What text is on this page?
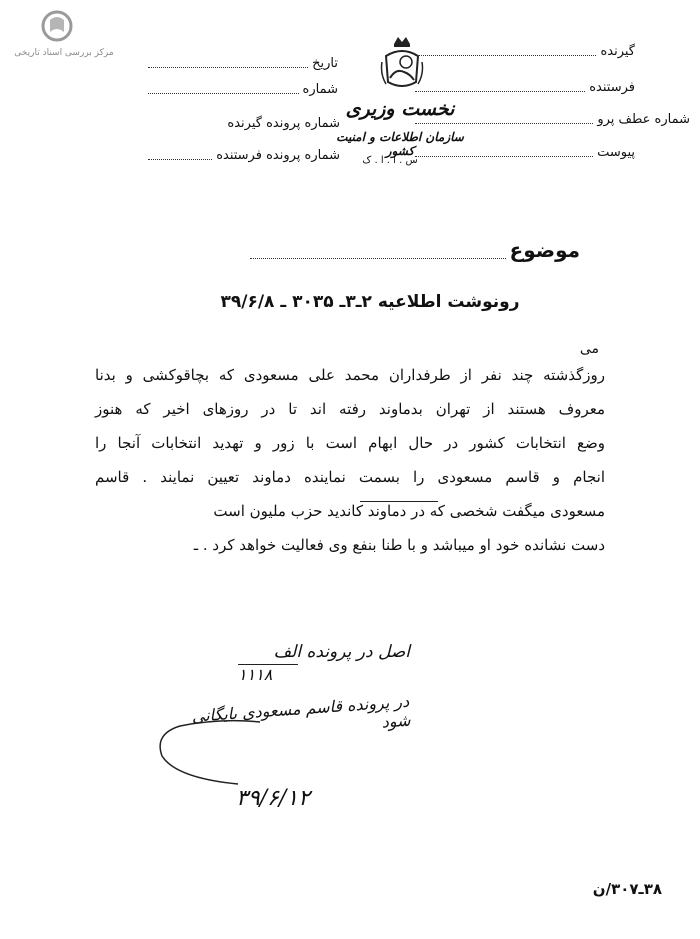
مرکز بررسی اسناد تاریخی
تاریخ
شماره
شماره پرونده گیرنده
شماره پرونده فرستنده
نخست وزیری
سازمان اطلاعات و امنیت کشور
س . ا . ا . ک
گیرنده
فرستنده
شماره عطف پرو
پیوست
موضوع
رونوشت اطلاعیه ۲ـ۳ـ ۳۰۳۵ ـ ۳۹/۶/۸
می
روزگذشته چند نفر از طرفداران محمد علی مسعودی که بچاقوکشی و بدنا
معروف هستند از تهران بدماوند رفته اند تا در روزهای اخیر که هنوز
وضع انتخابات کشور در حال ابهام است با زور و تهدید انتخابات آنجا را
انجام و قاسم مسعودی را بسمت نماینده دماوند تعیین نمایند . قاسم
مسعودی میگفت شخصی که در دماوند کاندید حزب ملیون است
دست نشانده خود او میباشد و با طنا بنفع وی فعالیت خواهد کرد . ـ
اصل در پرونده الف
۱۱۱۸
در پرونده قاسم مسعودی بایگانی شود
۳۹/۶/۱۲
۳۸ـ۳۰۷/ن
